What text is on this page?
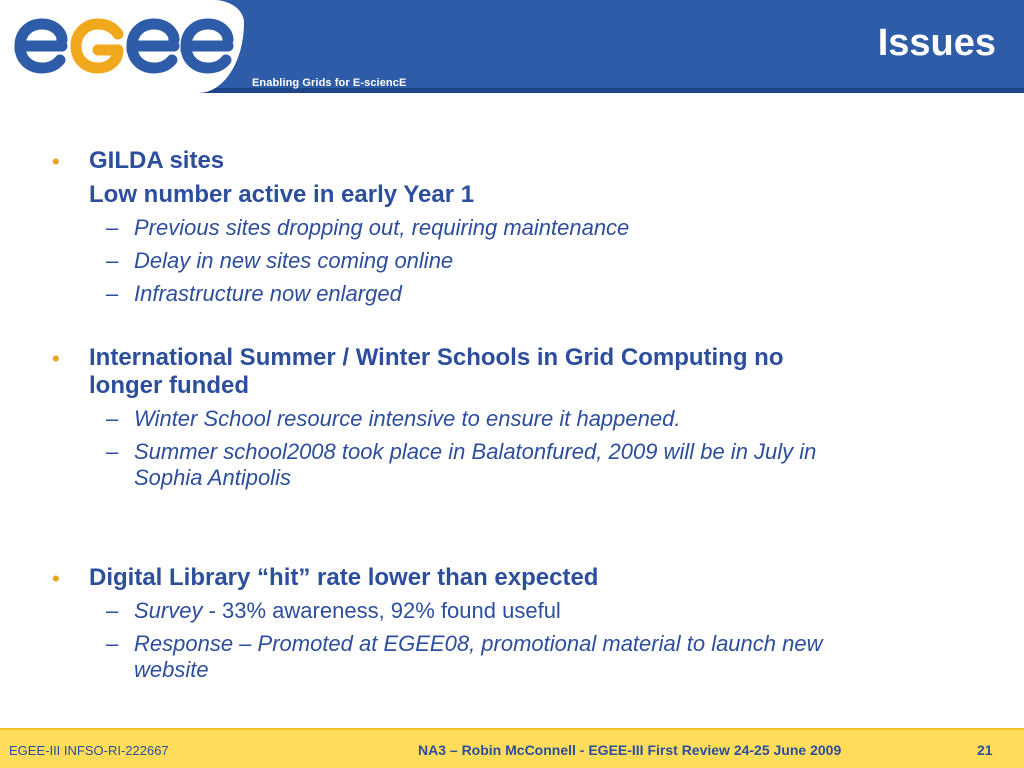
Enabling Grids for E-sciencE
Issues
• GILDA sites
Low number active in early Year 1
– Previous sites dropping out, requiring maintenance
– Delay in new sites coming online
– Infrastructure now enlarged
• International Summer / Winter Schools in Grid Computing no
longer funded
– Winter School resource intensive to ensure it happened.
– Summer school2008 took place in Balatonfured, 2009 will be in July in
Sophia Antipolis
• Digital Library “hit” rate lower than expected
– Survey - 33% awareness, 92% found useful
– Response – Promoted at EGEE08, promotional material to launch new
website
EGEE-III INFSO-RI-222667	NA3 – Robin McConnell - EGEE-III First Review 24-25 June 2009	21
